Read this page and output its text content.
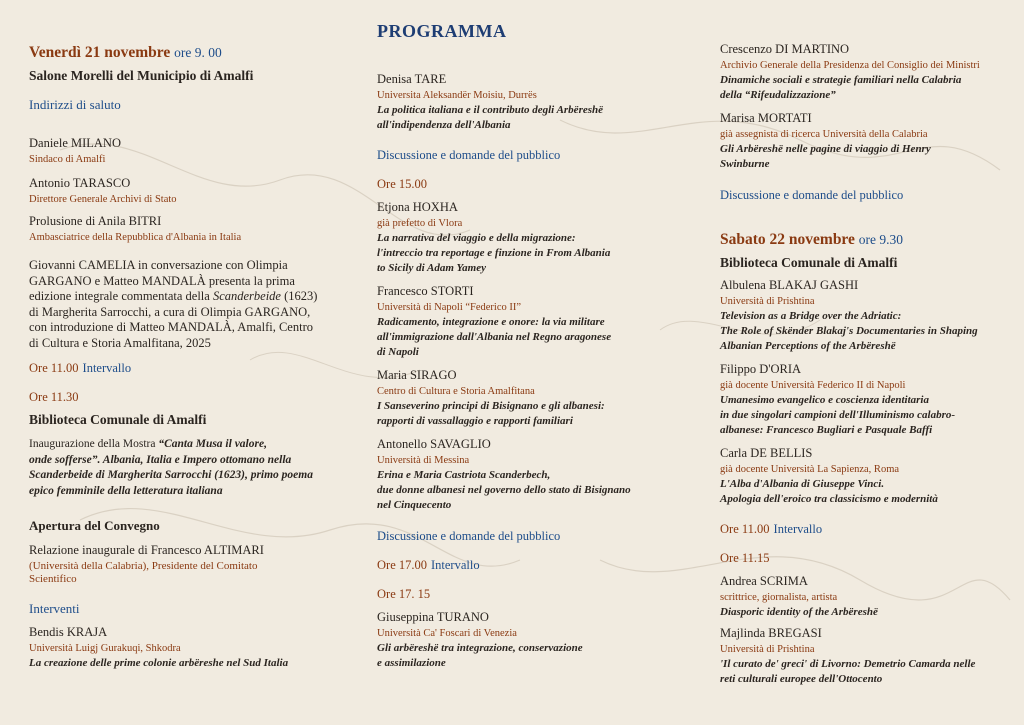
PROGRAMMA
Venerdì 21 novembre ore 9. 00
Salone Morelli del Municipio di Amalfi
Indirizzi di saluto
Daniele MILANO
Sindaco di Amalfi
Antonio TARASCO
Direttore Generale Archivi di Stato
Prolusione di Anila BITRI
Ambasciatrice della Repubblica d'Albania in Italia
Giovanni CAMELIA in conversazione con Olimpia
GARGANO e Matteo MANDALÀ presenta la prima
edizione integrale commentata della Scanderbeide (1623)
di Margherita Sarrocchi, a cura di Olimpia GARGANO,
con introduzione di Matteo MANDALÀ, Amalfi, Centro
di Cultura e Storia Amalfitana, 2025
Ore 11.00 Intervallo
Ore 11.30
Biblioteca Comunale di Amalfi
Inaugurazione della Mostra “Canta Musa il valore,
onde sofferse”. Albania, Italia e Impero ottomano nella
Scanderbeide di Margherita Sarrocchi (1623), primo poema
epico femminile della letteratura italiana
Apertura del Convegno
Relazione inaugurale di Francesco ALTIMARI
(Università della Calabria), Presidente del Comitato
Scientifico
Interventi
Bendis KRAJA
Università Luigj Gurakuqi, Shkodra
La creazione delle prime colonie arbëreshe nel Sud Italia
Denisa TARE
Universita Aleksandër Moisiu, Durrës
La politica italiana e il contributo degli Arbëreshë
all'indipendenza dell'Albania
Discussione e domande del pubblico
Ore 15.00
Etjona HOXHA
già prefetto di Vlora
La narrativa del viaggio e della migrazione:
l'intreccio tra reportage e finzione in From Albania
to Sicily di Adam Yamey
Francesco STORTI
Università di Napoli “Federico II”
Radicamento, integrazione e onore: la via militare
all'immigrazione dall'Albania nel Regno aragonese
di Napoli
Maria SIRAGO
Centro di Cultura e Storia Amalfitana
I Sanseverino principi di Bisignano e gli albanesi:
rapporti di vassallaggio e rapporti familiari
Antonello SAVAGLIO
Università di Messina
Erina e Maria Castriota Scanderbech,
due donne albanesi nel governo dello stato di Bisignano
nel Cinquecento
Discussione e domande del pubblico
Ore 17.00 Intervallo
Ore 17. 15
Giuseppina TURANO
Università Ca' Foscari di Venezia
Gli arbëreshë tra integrazione, conservazione
e assimilazione
Crescenzo DI MARTINO
Archivio Generale della Presidenza del Consiglio dei Ministri
Dinamiche sociali e strategie familiari nella Calabria
della “Rifeudalizzazione”
Marisa MORTATI
già assegnista di ricerca Università della Calabria
Gli Arbëreshë nelle pagine di viaggio di Henry
Swinburne
Discussione e domande del pubblico
Sabato 22 novembre ore 9.30
Biblioteca Comunale di Amalfi
Albulena BLAKAJ GASHI
Università di Prishtina
Television as a Bridge over the Adriatic:
The Role of Skënder Blakaj's Documentaries in Shaping
Albanian Perceptions of the Arbëreshë
Filippo D'ORIA
già docente Università Federico II di Napoli
Umanesimo evangelico e coscienza identitaria
in due singolari campioni dell'Illuminismo calabro-
albanese: Francesco Bugliari e Pasquale Baffi
Carla DE BELLIS
già docente Università La Sapienza, Roma
L'Alba d'Albania di Giuseppe Vinci.
Apologia dell'eroico tra classicismo e modernità
Ore 11.00 Intervallo
Ore 11.15
Andrea SCRIMA
scrittrice, giornalista, artista
Diasporic identity of the Arbëreshë
Majlinda BREGASI
Università di Prishtina
'Il curato de' greci' di Livorno: Demetrio Camarda nelle
reti culturali europee dell'Ottocento
